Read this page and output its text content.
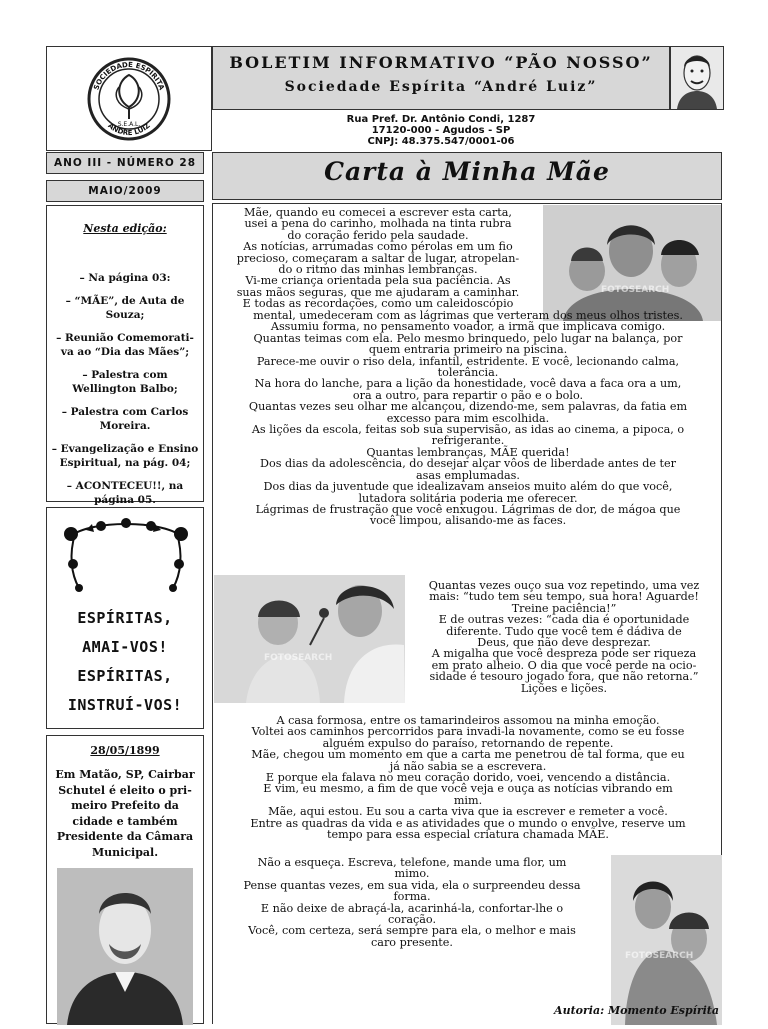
SOCIEDADE ESPÍRITA
ANDRÉ LUIZ
S.E.A.L.
BOLETIM INFORMATIVO “PÃO NOSSO”
Sociedade Espírita “André Luiz”
Rua Pref. Dr. Antônio Condi, 1287
17120-000 - Agudos - SP
CNPJ: 48.375.547/0001-06
ANO III - NÚMERO 28
MAIO/2009
Nesta edição:
– Na página 03:
– “MÃE”, de Auta de Souza;
– Reunião Comemorati-va ao “Dia das Mães”;
– Palestra com Wellington Balbo;
– Palestra com Carlos Moreira.
– Evangelização e Ensino Espiritual, na pág. 04;
– ACONTECEU!!, na página 05.
ESPÍRITAS,
AMAI-VOS!
ESPÍRITAS,
INSTRUÍ-VOS!
28/05/1899
Em Matão, SP, Cairbar Schutel é eleito o pri-meiro Prefeito da cidade e também Presidente da Câmara Municipal.
Carta à Minha Mãe
FOTOSEARCH
Mãe, quando eu comecei a escrever esta carta,
usei a pena do carinho, molhada na tinta rubra
do coração ferido pela saudade.
As notícias, arrumadas como pérolas em um fio
precioso, começaram a saltar de lugar, atropelan-
do o ritmo das minhas lembranças.
Vi-me criança orientada pela sua paciência. As
suas mãos seguras, que me ajudaram a caminhar.
E todas as recordações, como um caleidoscópio
mental, umedeceram com as lágrimas que verteram dos meus olhos tristes.
Assumiu forma, no pensamento voador, a irmã que implicava comigo.
Quantas teimas com ela. Pelo mesmo brinquedo, pelo lugar na balança, por
quem entraria primeiro na piscina.
Parece-me ouvir o riso dela, infantil, estridente. E você, lecionando calma,
tolerância.
Na hora do lanche, para a lição da honestidade, você dava a faca ora a um,
ora a outro, para repartir o pão e o bolo.
Quantas vezes seu olhar me alcançou, dizendo-me, sem palavras, da fatia em
excesso para mim escolhida.
As lições da escola, feitas sob sua supervisão, as idas ao cinema, a pipoca, o
refrigerante.
Quantas lembranças, MÃE querida!
Dos dias da adolescência, do desejar alçar vôos de liberdade antes de ter
asas emplumadas.
Dos dias da juventude que idealizavam anseios muito além do que você,
lutadora solitária poderia me oferecer.
Lágrimas de frustração que você enxugou. Lágrimas de dor, de mágoa que
você limpou, alisando-me as faces.
FOTOSEARCH
Quantas vezes ouço sua voz repetindo, uma vez
mais: “tudo tem seu tempo, sua hora! Aguarde!
Treine paciência!”
E de outras vezes: “cada dia é oportunidade
diferente. Tudo que você tem é dádiva de
Deus, que não deve desprezar.
A migalha que você despreza pode ser riqueza
em prato alheio. O dia que você perde na ocio-
sidade é tesouro jogado fora, que não retorna.”
Lições e lições.
A casa formosa, entre os tamarindeiros assomou na minha emoção.
Voltei aos caminhos percorridos para invadi-la novamente, como se eu fosse
alguém expulso do paraíso, retornando de repente.
Mãe, chegou um momento em que a carta me penetrou de tal forma, que eu
já não sabia se a escrevera.
E porque ela falava no meu coração dorido, voei, vencendo a distância.
E vim, eu mesmo, a fim de que você veja e ouça as notícias vibrando em
mim.
Mãe, aqui estou. Eu sou a carta viva que ia escrever e remeter a você.
Entre as quadras da vida e as atividades que o mundo o envolve, reserve um
tempo para essa especial criatura chamada MÃE.
FOTOSEARCH
Não a esqueça. Escreva, telefone, mande uma flor, um
mimo.
Pense quantas vezes, em sua vida, ela o surpreendeu dessa
forma.
E não deixe de abraçá-la, acarinhá-la, confortar-lhe o
coração.
Você, com certeza, será sempre para ela, o melhor e mais
caro presente.
Autoria: Momento Espírita
